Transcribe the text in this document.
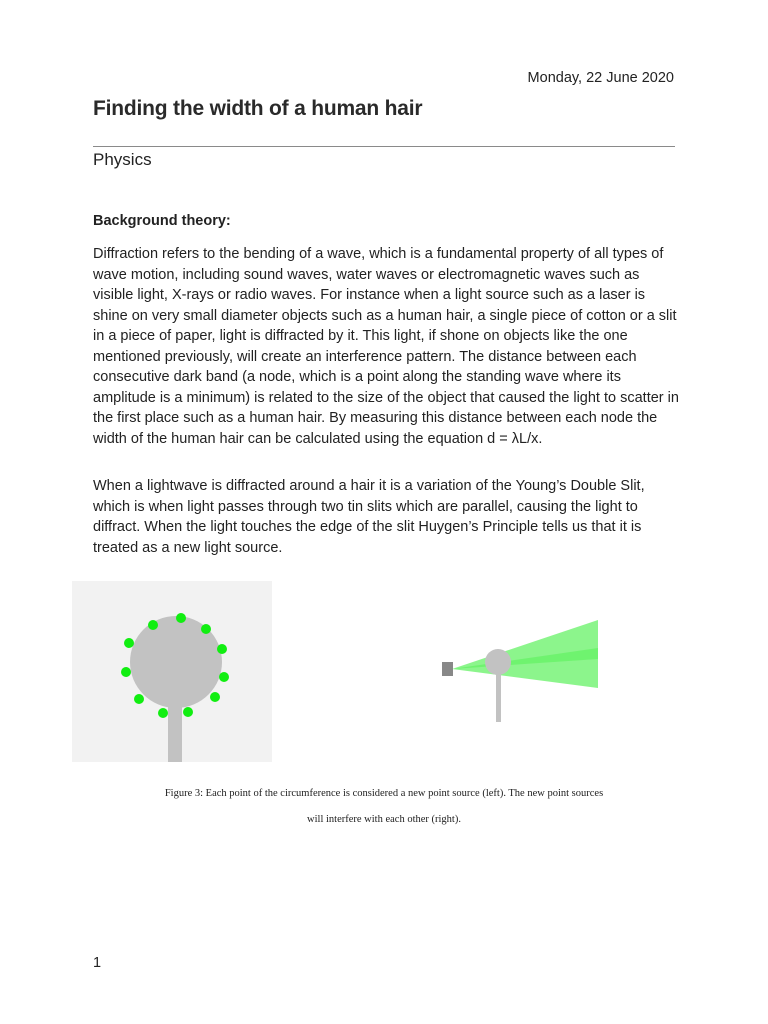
Monday, 22 June 2020
Finding the width of a human hair
Physics
Background theory:

Diffraction refers to the bending of a wave, which is a fundamental property of all types of wave motion, including sound waves, water waves or electromagnetic waves such as visible light, X-rays or radio waves. For instance when a light source such as a laser is shine on very small diameter objects such as a human hair, a single piece of cotton or a slit in a piece of paper, light is diffracted by it. This light, if shone on objects like the one mentioned previously, will create an interference pattern. The distance between each consecutive dark band (a node, which is a point along the standing wave where its amplitude is a minimum) is related to the size of the object that caused the light to scatter in the first place such as a human hair. By measuring this distance between each node the width of the human hair can be calculated using the equation d = λL/x.

When a lightwave is diffracted around a hair it is a variation of the Young’s Double Slit, which is when light passes through two tin slits which are parallel, causing the light to diffract. When the light touches the edge of the slit Huygen’s Principle tells us that it is treated as a new light source.

Figure 3: Each point of the circumference is considered a new point source (left). The new point sources

will interfere with each other (right).

1
